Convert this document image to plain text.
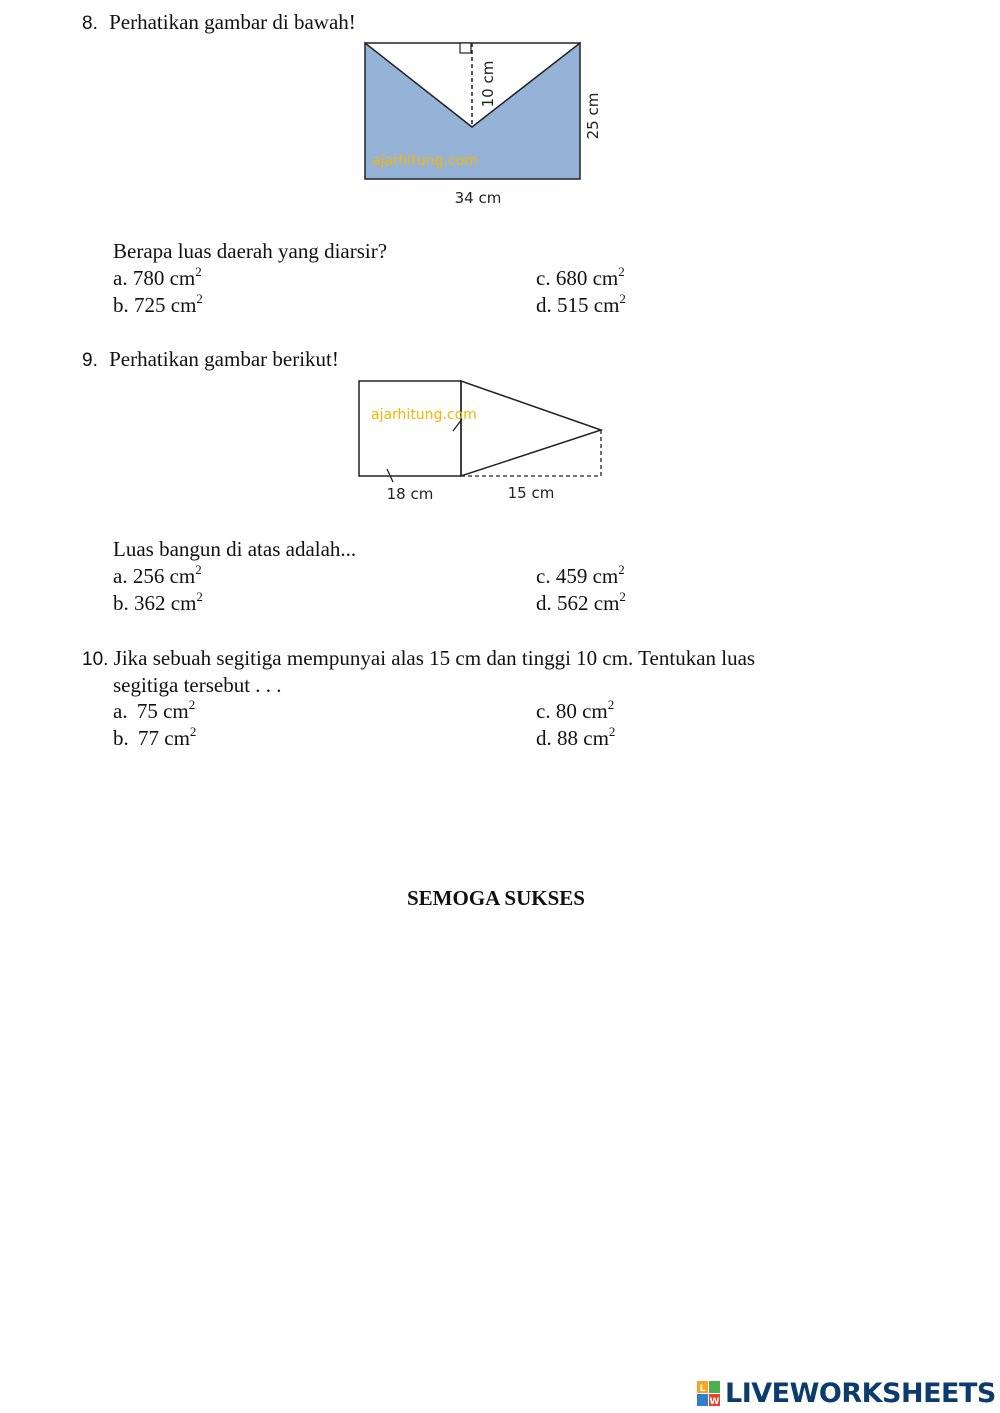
8. Perhatikan gambar di bawah!
10 cm
25 cm
ajarhitung.com
34 cm
Berapa luas daerah yang diarsir?
a. 780 $cm^2$
b. 725 $cm^2$
c. 680 $cm^2$
d. 515 $cm^2$
9. Perhatikan gambar berikut!
ajarhitung.com
18 cm	15 cm
Luas bangun di atas adalah...
a. 256 $cm^2$
b. 362 $cm^2$
c. 459 $cm^2$
d. 562 $cm^2$
10. Jika sebuah segitiga mempunyai alas 15 cm dan tinggi 10 cm. Tentukan luas
segitiga tersebut . . .
a. 75 $cm^2$
b. 77 $cm^2$
c. 80 $cm^2$
d. 88 $cm^2$
SEMOGA SUKSES
L
W LIVEWORKSHEETS
